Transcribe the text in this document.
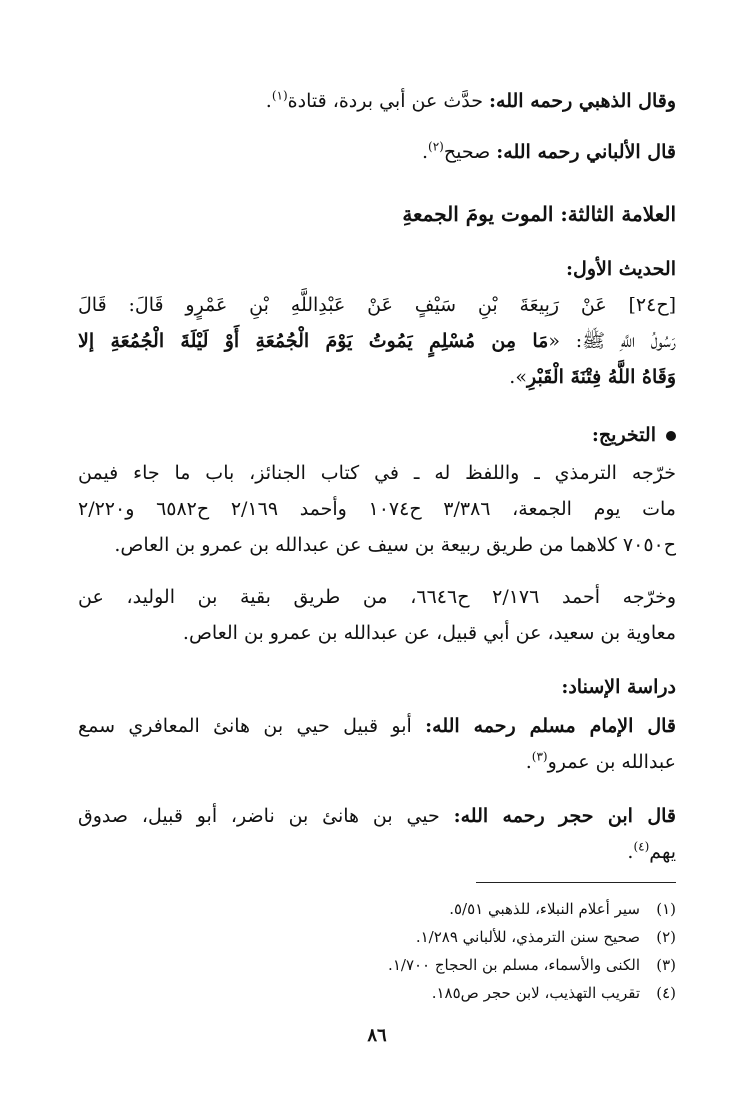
وقال الذهبي رحمه الله: حدَّث عن أبي بردة، قتادة$^{(١)}$.
قال الألباني رحمه الله: صحيح$^{(٢)}$.
العلامة الثالثة: الموت يومَ الجمعةِ
الحديث الأول:
[ح٢٤] عَنْ رَبِيعَةَ بْنِ سَيْفٍ عَنْ عَبْدِاللَّهِ بْنِ عَمْرٍو قَالَ: قَالَ
رَسُولُ اللَّهِ ﷺ: «مَا مِن مُسْلِمٍ يَمُوتُ يَوْمَ الْجُمُعَةِ أَوْ لَيْلَةَ الْجُمُعَةِ إلا
وَقَاهُ اللَّهُ فِتْنَةَ الْقَبْرِ».
التخريج:
خرّجه الترمذي ـ واللفظ له ـ في كتاب الجنائز، باب ما جاء فيمن
مات يوم الجمعة، ٣/٣٨٦ ح١٠٧٤ وأحمد ٢/١٦٩ ح٦٥٨٢ و٢/٢٢٠
ح٧٠٥٠ كلاهما من طريق ربيعة بن سيف عن عبدالله بن عمرو بن العاص.
وخرّجه أحمد ٢/١٧٦ ح٦٦٤٦، من طريق بقية بن الوليد، عن
معاوية بن سعيد، عن أبي قبيل، عن عبدالله بن عمرو بن العاص.
دراسة الإسناد:
قال الإمام مسلم رحمه الله: أبو قبيل حيي بن هانئ المعافري سمع
عبدالله بن عمرو$^{(٣)}$.
قال ابن حجر رحمه الله: حيي بن هانئ بن ناضر، أبو قبيل، صدوق
يهم$^{(٤)}$.
(١)سير أعلام النبلاء، للذهبي ٥/٥١.
(٢)صحيح سنن الترمذي، للألباني ١/٢٨٩.
(٣)الكنى والأسماء، مسلم بن الحجاج ١/٧٠٠.
(٤)تقريب التهذيب، لابن حجر ص١٨٥.
٨٦
